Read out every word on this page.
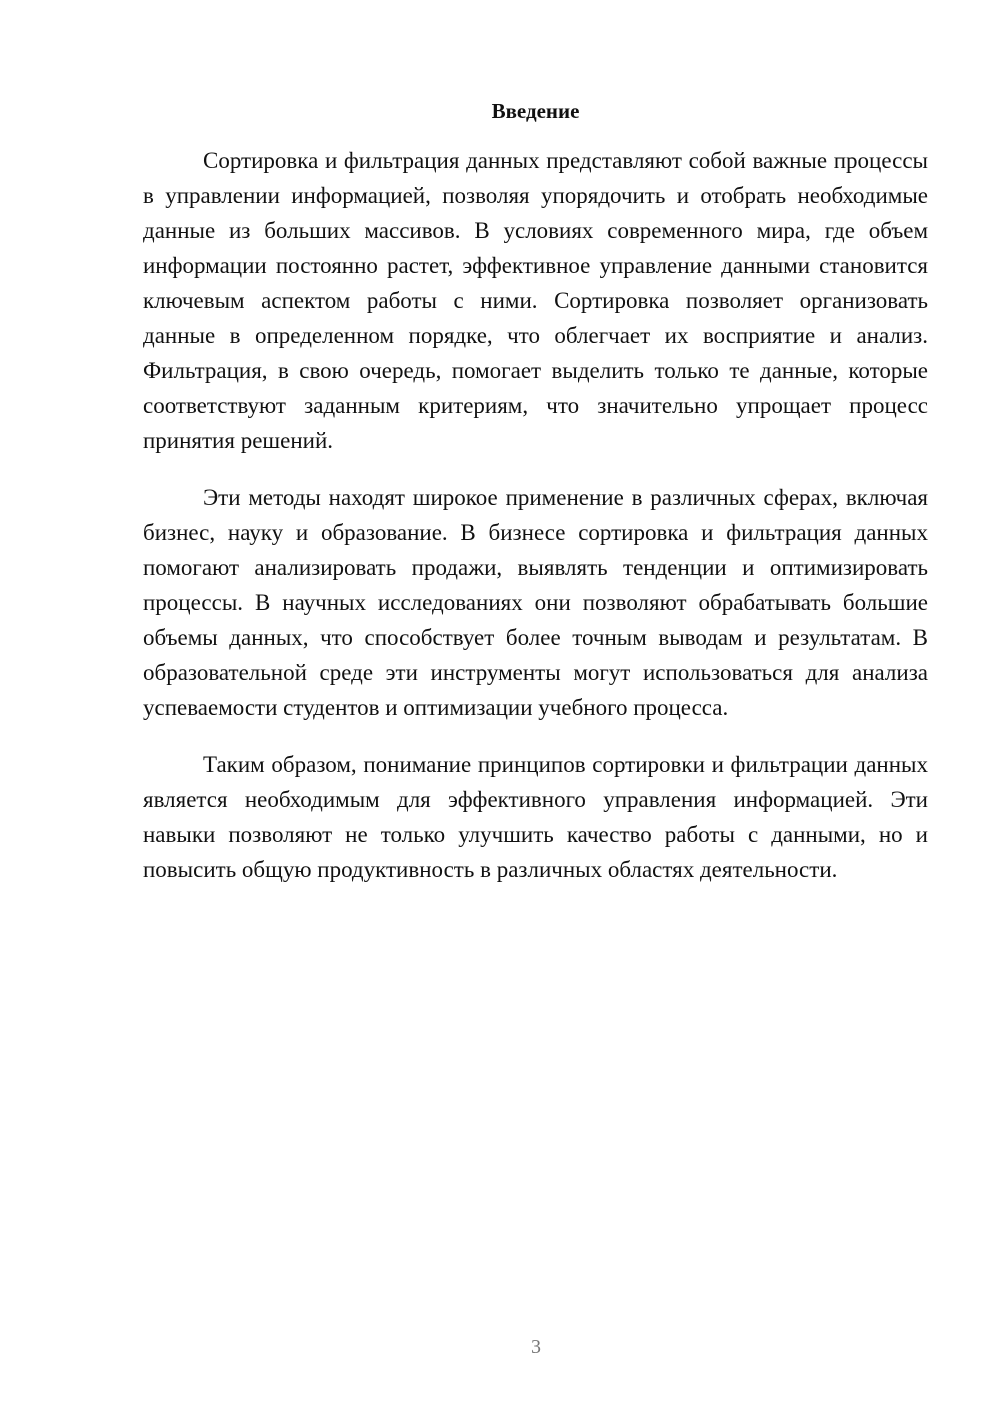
Введение

Сортировка и фильтрация данных представляют собой важные процессы в управлении информацией, позволяя упорядочить и отобрать необходимые данные из больших массивов. В условиях современного мира, где объем информации постоянно растет, эффективное управление данными становится ключевым аспектом работы с ними. Сортировка позволяет организовать данные в определенном порядке, что облегчает их восприятие и анализ. Фильтрация, в свою очередь, помогает выделить только те данные, которые соответствуют заданным критериям, что значительно упрощает процесс принятия решений.

Эти методы находят широкое применение в различных сферах, включая бизнес, науку и образование. В бизнесе сортировка и фильтрация данных помогают анализировать продажи, выявлять тенденции и оптимизировать процессы. В научных исследованиях они позволяют обрабатывать большие объемы данных, что способствует более точным выводам и результатам. В образовательной среде эти инструменты могут использоваться для анализа успеваемости студентов и оптимизации учебного процесса.

Таким образом, понимание принципов сортировки и фильтрации данных является необходимым для эффективного управления информацией. Эти навыки позволяют не только улучшить качество работы с данными, но и повысить общую продуктивность в различных областях деятельности.

3
